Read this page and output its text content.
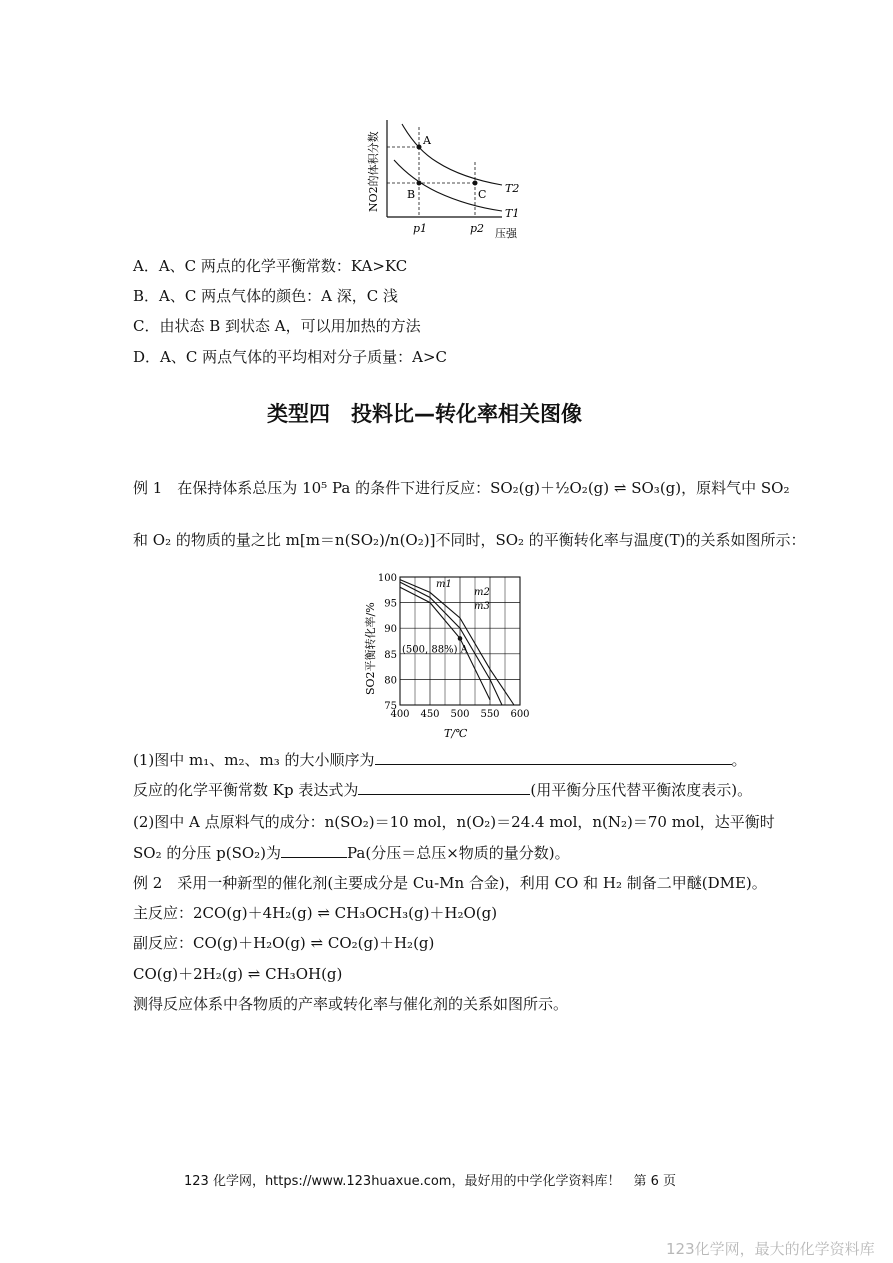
A
B	C T2
T1
p1	p2 压强
NO2的体积分数
A．A、C 两点的化学平衡常数：KA>KC
B．A、C 两点气体的颜色：A 深，C 浅
C．由状态 B 到状态 A，可以用加热的方法
D．A、C 两点气体的平均相对分子质量：A>C
类型四　投料比—转化率相关图像
例 1　在保持体系总压为 10⁵ Pa 的条件下进行反应：SO₂(g)＋½O₂(g) ⇌ SO₃(g)，原料气中 SO₂
和 O₂ 的物质的量之比 m[m＝n(SO₂)/n(O₂)]不同时，SO₂ 的平衡转化率与温度(T)的关系如图所示：
400 450 500 550 600
75
80
85
90
95
100
m1
m2
m3
(500, 88%) A
SO2平衡转化率/%
T/℃
(1)图中 m₁、m₂、m₃ 的大小顺序为	。
反应的化学平衡常数 Kp 表达式为	(用平衡分压代替平衡浓度表示)。
(2)图中 A 点原料气的成分：n(SO₂)＝10 mol，n(O₂)＝24.4 mol，n(N₂)＝70 mol，达平衡时
SO₂ 的分压 p(SO₂)为	Pa(分压＝总压×物质的量分数)。
例 2　采用一种新型的催化剂(主要成分是 Cu-Mn 合金)，利用 CO 和 H₂ 制备二甲醚(DME)。
主反应：2CO(g)＋4H₂(g) ⇌ CH₃OCH₃(g)＋H₂O(g)
副反应：CO(g)＋H₂O(g) ⇌ CO₂(g)＋H₂(g)
CO(g)＋2H₂(g) ⇌ CH₃OH(g)
测得反应体系中各物质的产率或转化率与催化剂的关系如图所示。
123 化学网，https://www.123huaxue.com，最好用的中学化学资料库！　第 6 页
123化学网，最大的化学资料库
